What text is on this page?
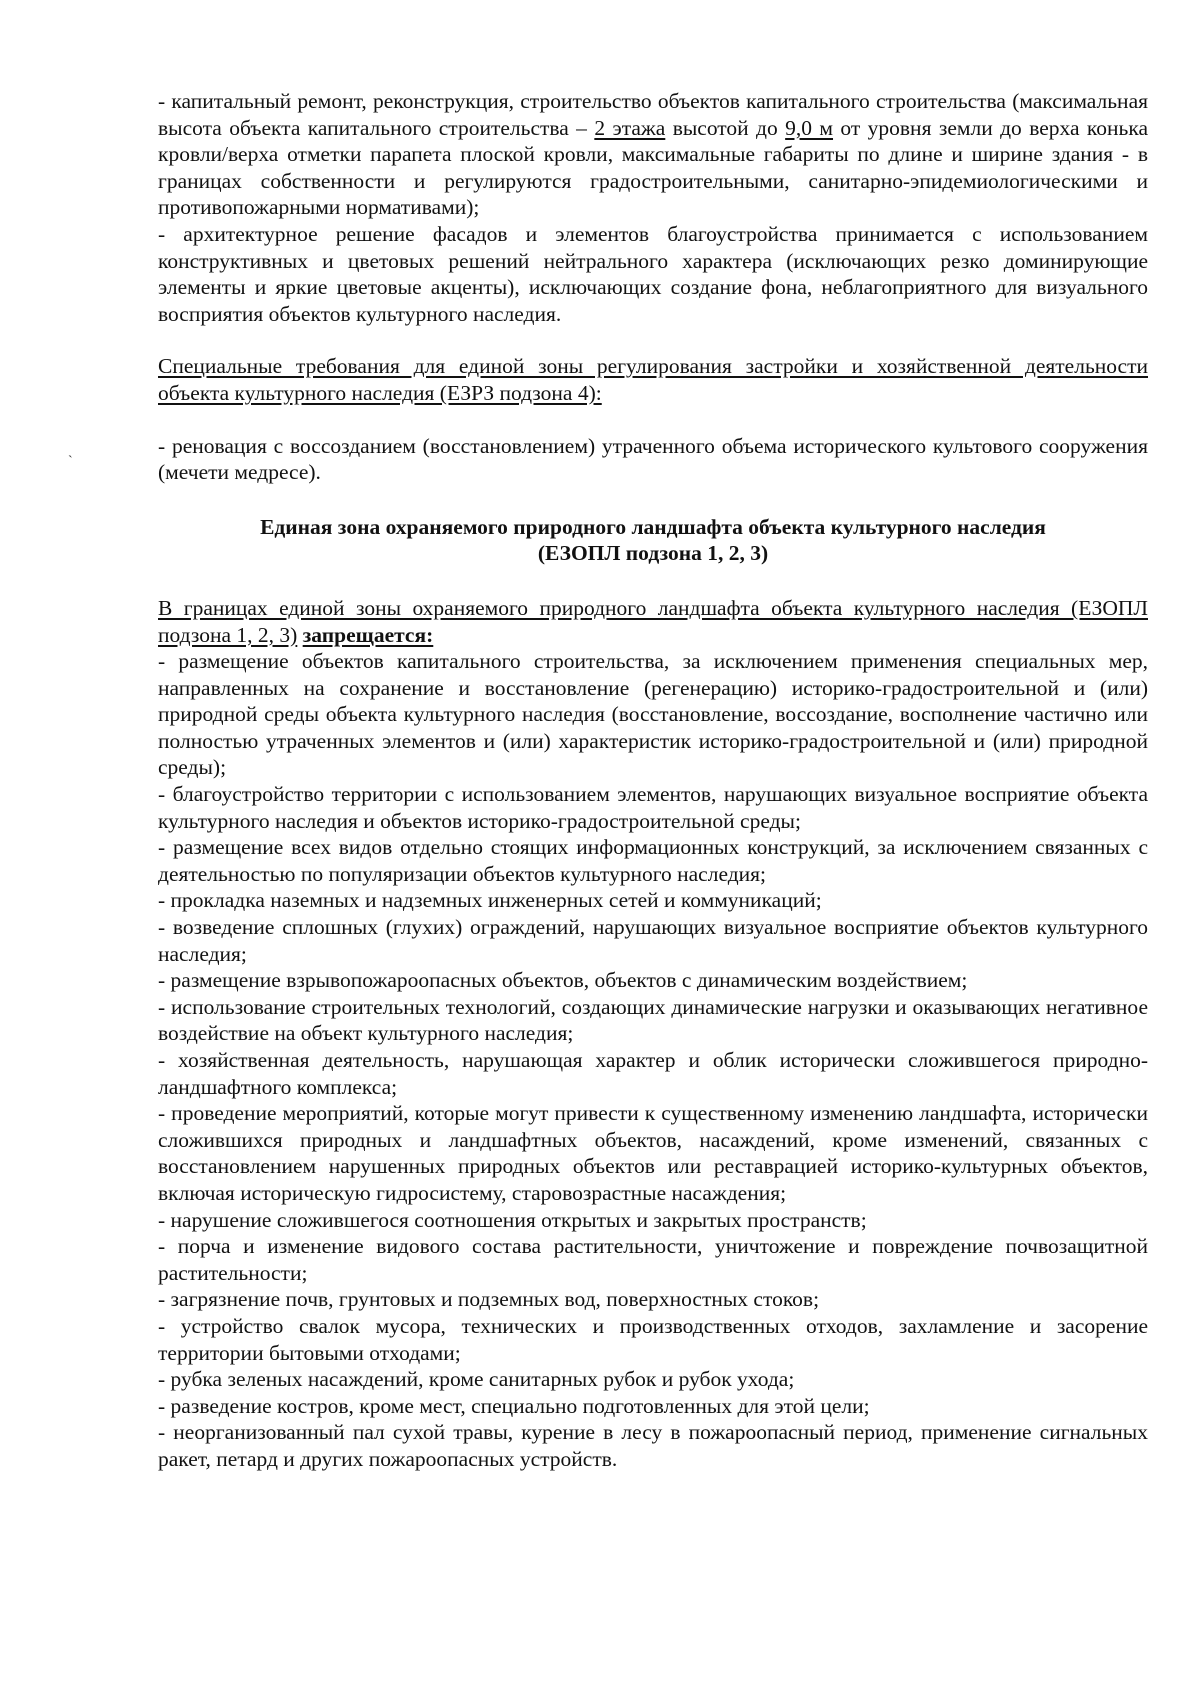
`

- капитальный ремонт, реконструкция, строительство объектов капитального строительства (максимальная высота объекта капитального строительства – 2 этажа высотой до 9,0 м от уровня земли до верха конька кровли/верха отметки парапета плоской кровли, максимальные габариты по длине и ширине здания - в границах собственности и регулируются градостроительными, санитарно-эпидемиологическими и противопожарными нормативами);

- архитектурное решение фасадов и элементов благоустройства принимается с использованием конструктивных и цветовых решений нейтрального характера (исключающих резко доминирующие элементы и яркие цветовые акценты), исключающих создание фона, неблагоприятного для визуального восприятия объектов культурного наследия.

Специальные требования для единой зоны регулирования застройки и хозяйственной деятельности объекта культурного наследия (ЕЗРЗ подзона 4):

- реновация с воссозданием (восстановлением) утраченного объема исторического культового сооружения (мечети медресе).

Единая зона охраняемого природного ландшафта объекта культурного наследия

(ЕЗОПЛ подзона 1, 2, 3)

В границах единой зоны охраняемого природного ландшафта объекта культурного наследия (ЕЗОПЛ подзона 1, 2, 3) запрещается:

- размещение объектов капитального строительства, за исключением применения специальных мер, направленных на сохранение и восстановление (регенерацию) историко-градостроительной и (или) природной среды объекта культурного наследия (восстановление, воссоздание, восполнение частично или полностью утраченных элементов и (или) характеристик историко-градостроительной и (или) природной среды);

- благоустройство территории с использованием элементов, нарушающих визуальное восприятие объекта культурного наследия и объектов историко-градостроительной среды;

- размещение всех видов отдельно стоящих информационных конструкций, за исключением связанных с деятельностью по популяризации объектов культурного наследия;

- прокладка наземных и надземных инженерных сетей и коммуникаций;

- возведение сплошных (глухих) ограждений, нарушающих визуальное восприятие объектов культурного наследия;

- размещение взрывопожароопасных объектов, объектов с динамическим воздействием;

- использование строительных технологий, создающих динамические нагрузки и оказывающих негативное воздействие на объект культурного наследия;

- хозяйственная деятельность, нарушающая характер и облик исторически сложившегося природно-ландшафтного комплекса;

- проведение мероприятий, которые могут привести к существенному изменению ландшафта, исторически сложившихся природных и ландшафтных объектов, насаждений, кроме изменений, связанных с восстановлением нарушенных природных объектов или реставрацией историко-культурных объектов, включая историческую гидросистему, старовозрастные насаждения;

- нарушение сложившегося соотношения открытых и закрытых пространств;

- порча и изменение видового состава растительности, уничтожение и повреждение почвозащитной растительности;

- загрязнение почв, грунтовых и подземных вод, поверхностных стоков;

- устройство свалок мусора, технических и производственных отходов, захламление и засорение территории бытовыми отходами;

- рубка зеленых насаждений, кроме санитарных рубок и рубок ухода;

- разведение костров, кроме мест, специально подготовленных для этой цели;

- неорганизованный пал сухой травы, курение в лесу в пожароопасный период, применение сигнальных ракет, петард и других пожароопасных устройств.
